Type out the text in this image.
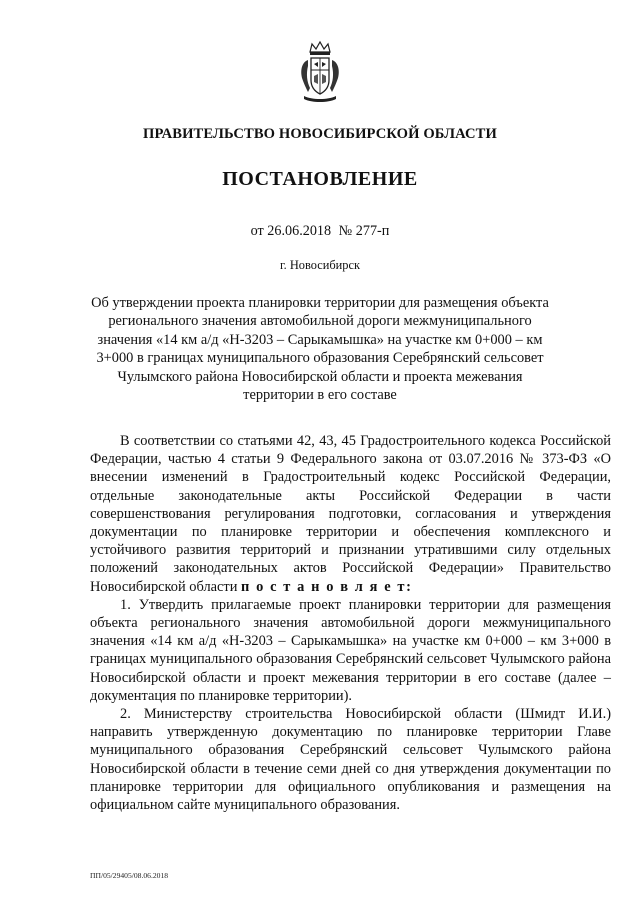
ПРАВИТЕЛЬСТВО НОВОСИБИРСКОЙ ОБЛАСТИ
ПОСТАНОВЛЕНИЕ
от 26.06.2018 № 277-п
г. Новосибирск
Об утверждении проекта планировки территории для размещения объекта регионального значения автомобильной дороги межмуниципального значения «14 км а/д «Н-3203 – Сарыкамышка» на участке км 0+000 – км 3+000 в границах муниципального образования Серебрянский сельсовет Чулымского района Новосибирской области и проекта межевания территории в его составе

В соответствии со статьями 42, 43, 45 Градостроительного кодекса Российской Федерации, частью 4 статьи 9 Федерального закона от 03.07.2016 № 373-ФЗ «О внесении изменений в Градостроительный кодекс Российской Федерации, отдельные законодательные акты Российской Федерации в части совершенствования регулирования подготовки, согласования и утверждения документации по планировке территории и обеспечения комплексного и устойчивого развития территорий и признании утратившими силу отдельных положений законодательных актов Российской Федерации» Правительство Новосибирской области п о с т а н о в л я е т:

1. Утвердить прилагаемые проект планировки территории для размещения объекта регионального значения автомобильной дороги межмуниципального значения «14 км а/д «Н-3203 – Сарыкамышка» на участке км 0+000 – км 3+000 в границах муниципального образования Серебрянский сельсовет Чулымского района Новосибирской области и проект межевания территории в его составе (далее – документация по планировке территории).

2. Министерству строительства Новосибирской области (Шмидт И.И.) направить утвержденную документацию по планировке территории Главе муниципального образования Серебрянский сельсовет Чулымского района Новосибирской области в течение семи дней со дня утверждения документации по планировке территории для официального опубликования и размещения на официальном сайте муниципального образования.

ПП/05/29405/08.06.2018
